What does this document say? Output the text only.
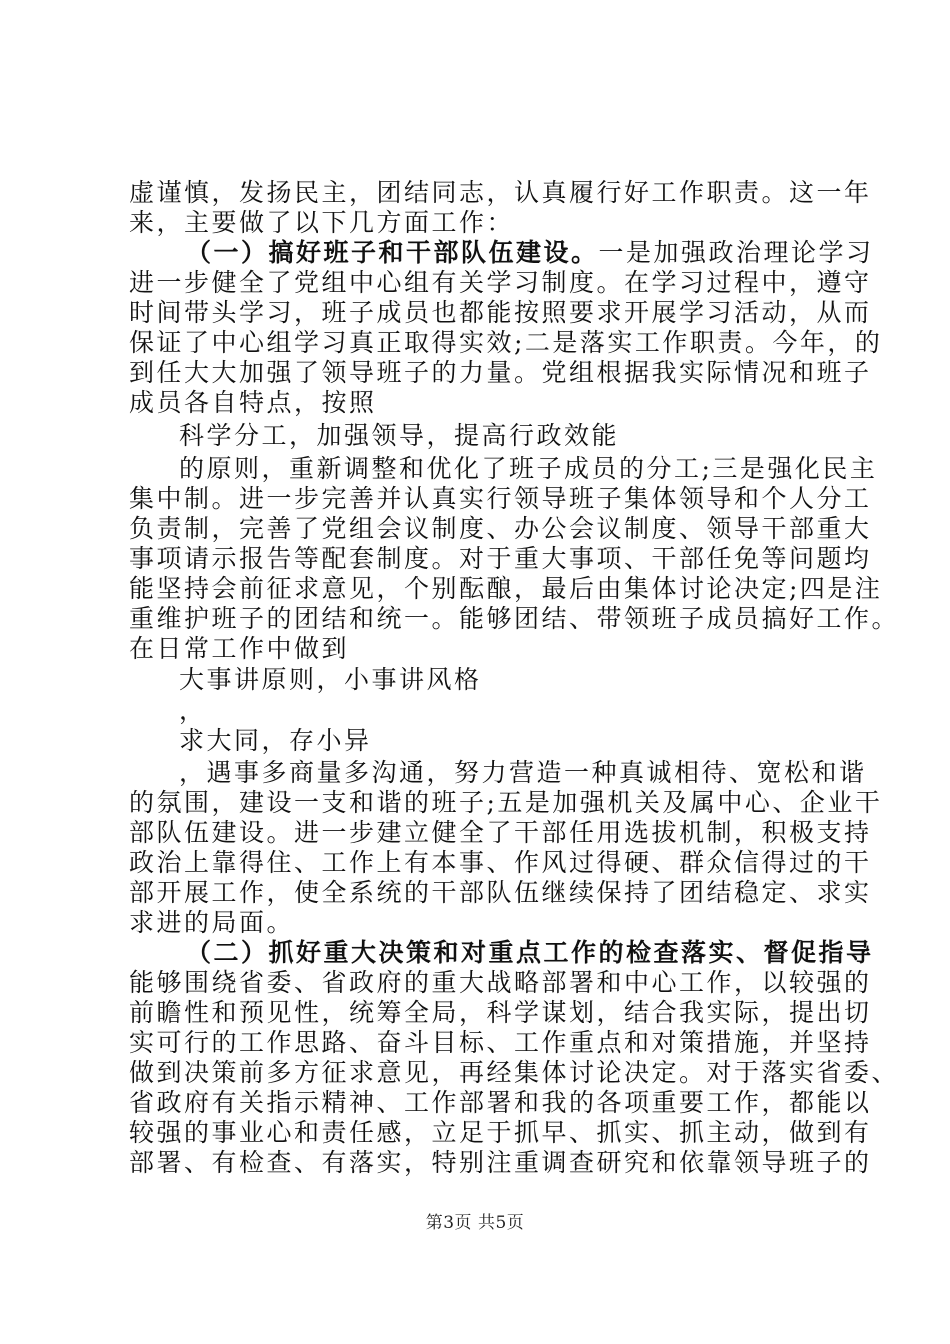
虚谨慎，发扬民主，团结同志，认真履行好工作职责。这一年
来，主要做了以下几方面工作：
（一）搞好班子和干部队伍建设。一是加强政治理论学习
进一步健全了党组中心组有关学习制度。在学习过程中，遵守
时间带头学习，班子成员也都能按照要求开展学习活动，从而
保证了中心组学习真正取得实效;二是落实工作职责。今年，的
到任大大加强了领导班子的力量。党组根据我实际情况和班子
成员各自特点，按照
科学分工，加强领导，提高行政效能
的原则，重新调整和优化了班子成员的分工;三是强化民主
集中制。进一步完善并认真实行领导班子集体领导和个人分工
负责制，完善了党组会议制度、办公会议制度、领导干部重大
事项请示报告等配套制度。对于重大事项、干部任免等问题均
能坚持会前征求意见，个别酝酿，最后由集体讨论决定;四是注
重维护班子的团结和统一。能够团结、带领班子成员搞好工作。
在日常工作中做到
大事讲原则，小事讲风格
，
求大同，存小异
，遇事多商量多沟通，努力营造一种真诚相待、宽松和谐
的氛围，建设一支和谐的班子;五是加强机关及属中心、企业干
部队伍建设。进一步建立健全了干部任用选拔机制，积极支持
政治上靠得住、工作上有本事、作风过得硬、群众信得过的干
部开展工作，使全系统的干部队伍继续保持了团结稳定、求实
求进的局面。
（二）抓好重大决策和对重点工作的检查落实、督促指导
能够围绕省委、省政府的重大战略部署和中心工作，以较强的
前瞻性和预见性，统筹全局，科学谋划，结合我实际，提出切
实可行的工作思路、奋斗目标、工作重点和对策措施，并坚持
做到决策前多方征求意见，再经集体讨论决定。对于落实省委、
省政府有关指示精神、工作部署和我的各项重要工作，都能以
较强的事业心和责任感，立足于抓早、抓实、抓主动，做到有
部署、有检查、有落实，特别注重调查研究和依靠领导班子的
第3页 共5页
